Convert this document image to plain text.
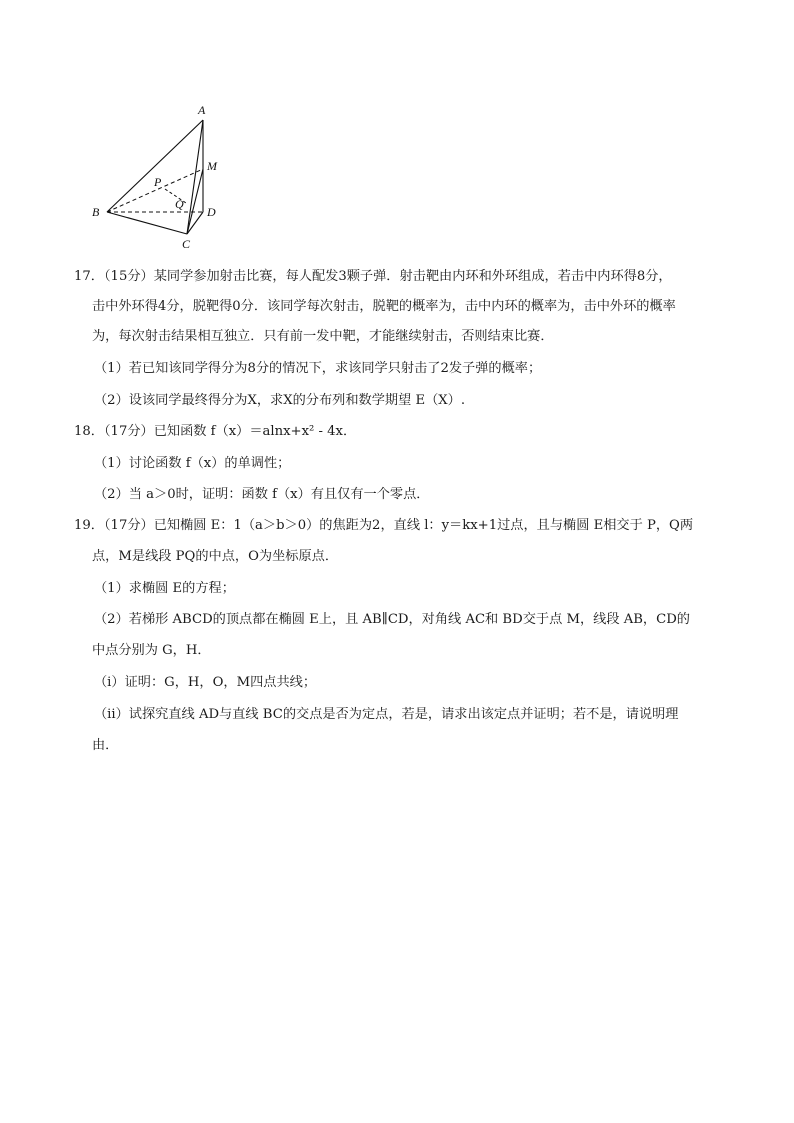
A
M
P
Q
B	D
C
17．（15分）某同学参加射击比赛，每人配发3颗子弹．射击靶由内环和外环组成，若击中内环得8分，
击中外环得4分，脱靶得0分．该同学每次射击，脱靶的概率为，击中内环的概率为，击中外环的概率
为，每次射击结果相互独立．只有前一发中靶，才能继续射击，否则结束比赛．
（1）若已知该同学得分为8分的情况下，求该同学只射击了2发子弹的概率；
（2）设该同学最终得分为X，求X的分布列和数学期望 E（X）.
18．（17分）已知函数 f（x）＝alnx+x² - 4x．
（1）讨论函数 f（x）的单调性；
（2）当 a＞0时，证明：函数 f（x）有且仅有一个零点．
19．（17分）已知椭圆 E：1（a＞b＞0）的焦距为2，直线 l：y＝kx+1过点，且与椭圆 E相交于 P，Q两
点，M是线段 PQ的中点，O为坐标原点．
（1）求椭圆 E的方程；
（2）若梯形 ABCD的顶点都在椭圆 E上，且 AB∥CD，对角线 AC和 BD交于点 M，线段 AB，CD的
中点分别为 G，H．
（i）证明：G，H，O，M四点共线；
（ii）试探究直线 AD与直线 BC的交点是否为定点，若是，请求出该定点并证明；若不是，请说明理
由．
